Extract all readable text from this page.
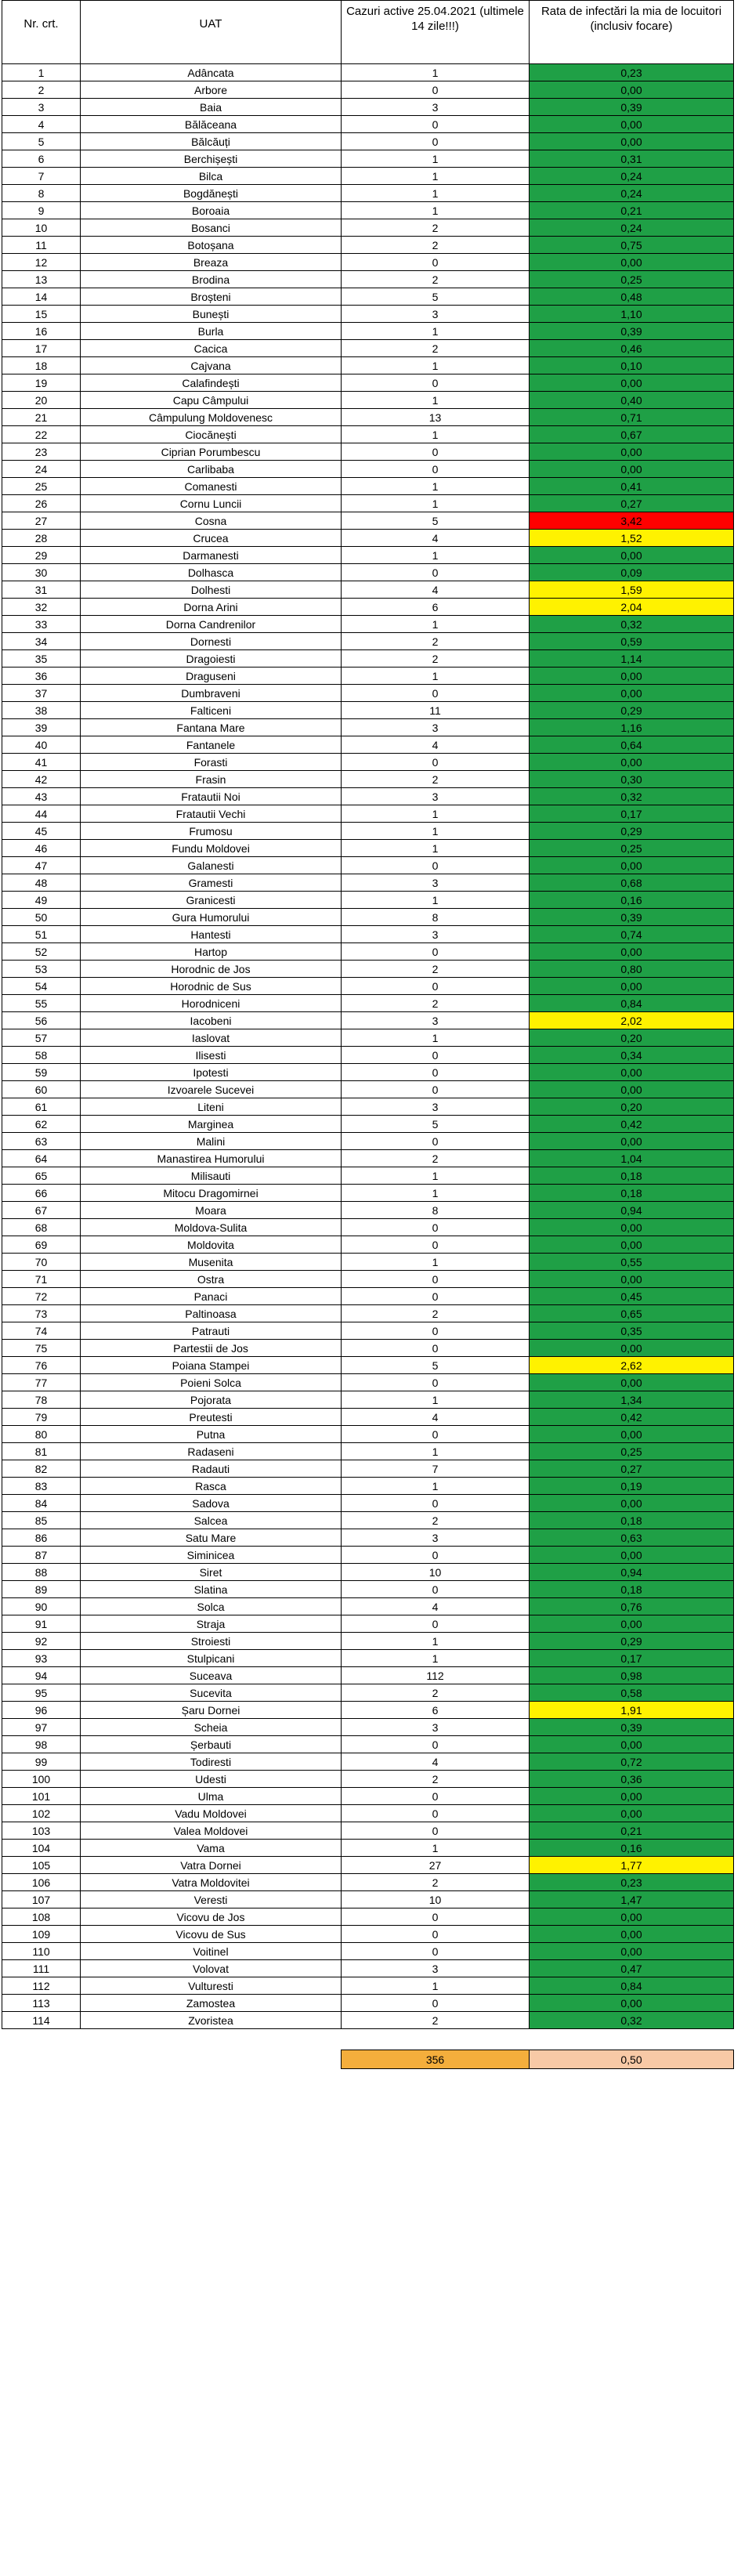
Nr. crt.	UAT	Cazuri active 25.04.2021 (ultimele 14 zile!!!)	Rata de infectări la mia de locuitori (inclusiv focare)
1	Adâncata	1	0,23
2	Arbore	0	0,00
3	Baia	3	0,39
4	Bălăceana	0	0,00
5	Bălcăuți	0	0,00
6	Berchișești	1	0,31
7	Bilca	1	0,24
8	Bogdănești	1	0,24
9	Boroaia	1	0,21
10	Bosanci	2	0,24
11	Botoșana	2	0,75
12	Breaza	0	0,00
13	Brodina	2	0,25
14	Broșteni	5	0,48
15	Bunești	3	1,10
16	Burla	1	0,39
17	Cacica	2	0,46
18	Cajvana	1	0,10
19	Calafindești	0	0,00
20	Capu Câmpului	1	0,40
21	Câmpulung Moldovenesc	13	0,71
22	Ciocănești	1	0,67
23	Ciprian Porumbescu	0	0,00
24	Carlibaba	0	0,00
25	Comanesti	1	0,41
26	Cornu Luncii	1	0,27
27	Cosna	5	3,42
28	Crucea	4	1,52
29	Darmanesti	1	0,00
30	Dolhasca	0	0,09
31	Dolhesti	4	1,59
32	Dorna Arini	6	2,04
33	Dorna Candrenilor	1	0,32
34	Dornesti	2	0,59
35	Dragoiesti	2	1,14
36	Draguseni	1	0,00
37	Dumbraveni	0	0,00
38	Falticeni	11	0,29
39	Fantana Mare	3	1,16
40	Fantanele	4	0,64
41	Forasti	0	0,00
42	Frasin	2	0,30
43	Fratautii Noi	3	0,32
44	Fratautii Vechi	1	0,17
45	Frumosu	1	0,29
46	Fundu Moldovei	1	0,25
47	Galanesti	0	0,00
48	Gramesti	3	0,68
49	Granicesti	1	0,16
50	Gura Humorului	8	0,39
51	Hantesti	3	0,74
52	Hartop	0	0,00
53	Horodnic de Jos	2	0,80
54	Horodnic de Sus	0	0,00
55	Horodniceni	2	0,84
56	Iacobeni	3	2,02
57	Iaslovat	1	0,20
58	Ilisesti	0	0,34
59	Ipotesti	0	0,00
60	Izvoarele Sucevei	0	0,00
61	Liteni	3	0,20
62	Marginea	5	0,42
63	Malini	0	0,00
64	Manastirea Humorului	2	1,04
65	Milisauti	1	0,18
66	Mitocu Dragomirnei	1	0,18
67	Moara	8	0,94
68	Moldova-Sulita	0	0,00
69	Moldovita	0	0,00
70	Musenita	1	0,55
71	Ostra	0	0,00
72	Panaci	0	0,45
73	Paltinoasa	2	0,65
74	Patrauti	0	0,35
75	Partestii de Jos	0	0,00
76	Poiana Stampei	5	2,62
77	Poieni Solca	0	0,00
78	Pojorata	1	1,34
79	Preutesti	4	0,42
80	Putna	0	0,00
81	Radaseni	1	0,25
82	Radauti	7	0,27
83	Rasca	1	0,19
84	Sadova	0	0,00
85	Salcea	2	0,18
86	Satu Mare	3	0,63
87	Siminicea	0	0,00
88	Siret	10	0,94
89	Slatina	0	0,18
90	Solca	4	0,76
91	Straja	0	0,00
92	Stroiesti	1	0,29
93	Stulpicani	1	0,17
94	Suceava	112	0,98
95	Sucevita	2	0,58
96	Șaru Dornei	6	1,91
97	Scheia	3	0,39
98	Șerbauti	0	0,00
99	Todiresti	4	0,72
100	Udesti	2	0,36
101	Ulma	0	0,00
102	Vadu Moldovei	0	0,00
103	Valea Moldovei	0	0,21
104	Vama	1	0,16
105	Vatra Dornei	27	1,77
106	Vatra Moldovitei	2	0,23
107	Veresti	10	1,47
108	Vicovu de Jos	0	0,00
109	Vicovu de Sus	0	0,00
110	Voitinel	0	0,00
111	Volovat	3	0,47
112	Vulturesti	1	0,84
113	Zamostea	0	0,00
114	Zvoristea	2	0,32

		356	0,50
